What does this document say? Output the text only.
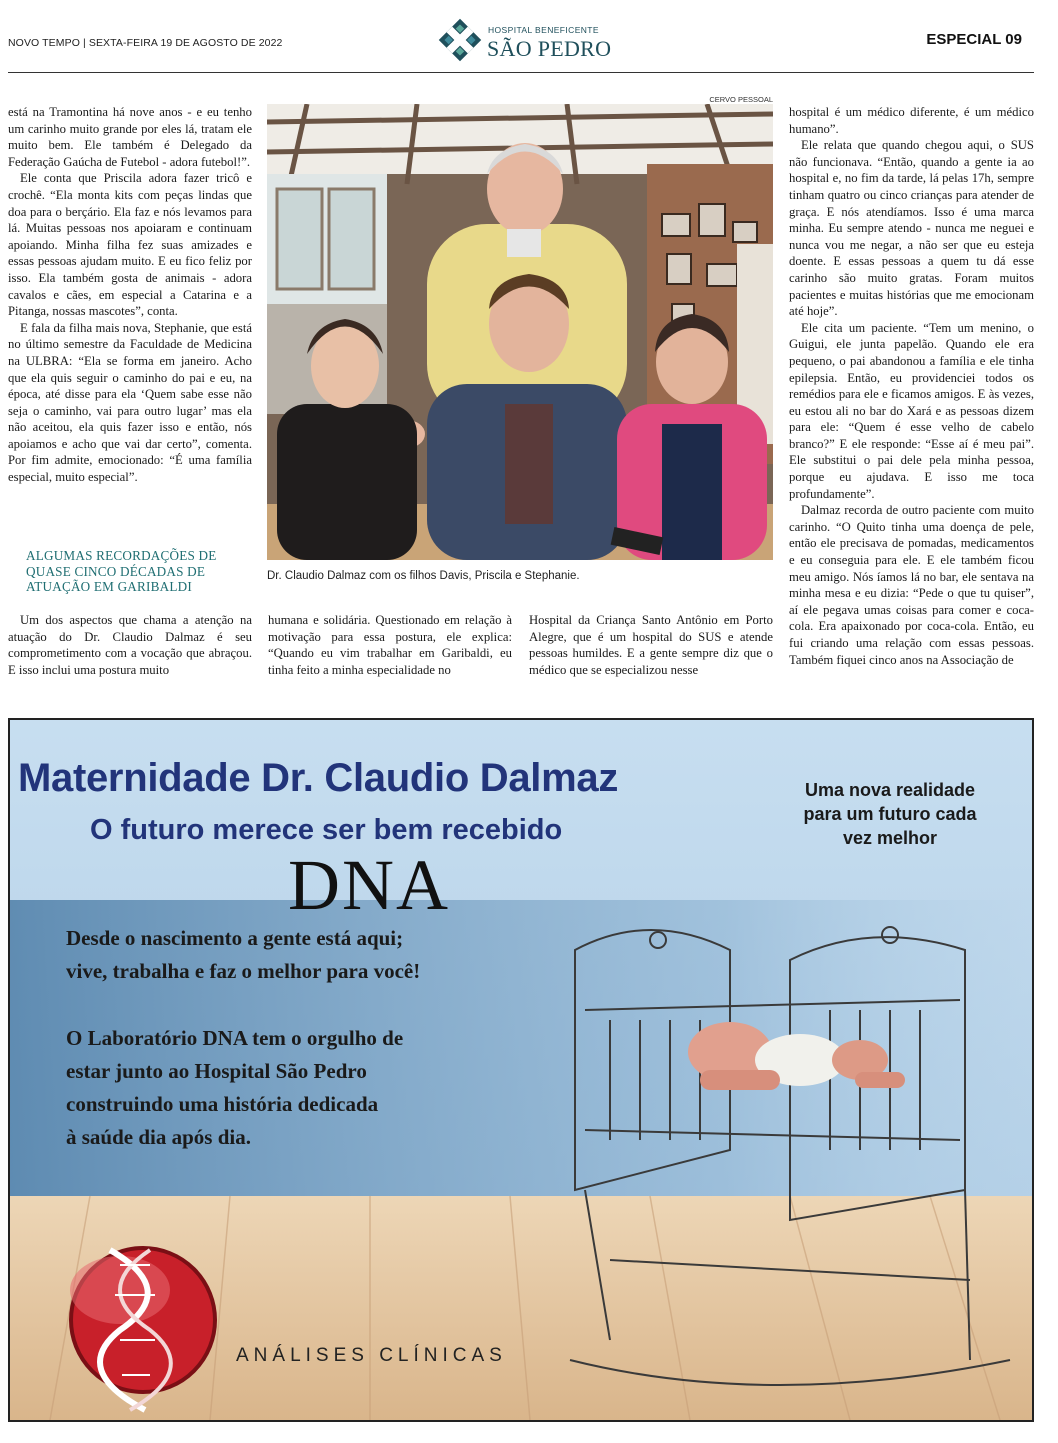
NOVO TEMPO | SEXTA-FEIRA 19 DE AGOSTO DE 2022
HOSPITAL BENEFICENTE
SÃO PEDRO	ESPECIAL 09

está na Tramontina há nove anos - e eu tenho um carinho muito grande por eles lá, tratam ele muito bem. Ele também é Delegado da Federação Gaúcha de Futebol - adora futebol!”.

Ele conta que Priscila adora fazer tricô e crochê. “Ela monta kits com peças lindas que doa para o berçário. Ela faz e nós levamos para lá. Muitas pessoas nos apoiaram e continuam apoiando. Minha filha fez suas amizades e essas pessoas ajudam muito. E eu fico feliz por isso. Ela também gosta de animais - adora cavalos e cães, em especial a Catarina e a Pitanga, nossas mascotes”, conta.

E fala da filha mais nova, Stephanie, que está no último semestre da Faculdade de Medicina na ULBRA: “Ela se forma em janeiro. Acho que ela quis seguir o caminho do pai e eu, na época, até disse para ela ‘Quem sabe esse não seja o caminho, vai para outro lugar’ mas ela não aceitou, ela quis fazer isso e então, nós apoiamos e acho que vai dar certo”, comenta. Por fim admite, emocionado: “É uma família especial, muito especial”.

ALGUMAS RECORDAÇÕES DE QUASE CINCO DÉCADAS DE ATUAÇÃO EM GARIBALDI

Um dos aspectos que chama a atenção na atuação do Dr. Claudio Dalmaz é seu comprometimento com a vocação que abraçou. E isso inclui uma postura muito

humana e solidária. Questionado em relação à motivação para essa postura, ele explica: “Quando eu vim trabalhar em Garibaldi, eu tinha feito a minha especialidade no

Hospital da Criança Santo Antônio em Porto Alegre, que é um hospital do SUS e atende pessoas humildes. E a gente sempre diz que o médico que se especializou nesse

hospital é um médico diferente, é um médico humano”.

Ele relata que quando chegou aqui, o SUS não funcionava. “Então, quando a gente ia ao hospital e, no fim da tarde, lá pelas 17h, sempre tinham quatro ou cinco crianças para atender de graça. E nós atendíamos. Isso é uma marca minha. Eu sempre atendo - nunca me neguei e nunca vou me negar, a não ser que eu esteja doente. E essas pessoas a quem tu dá esse carinho são muito gratas. Foram muitos pacientes e muitas histórias que me emocionam até hoje”.

Ele cita um paciente. “Tem um menino, o Guigui, ele junta papelão. Quando ele era pequeno, o pai abandonou a família e ele tinha epilepsia. Então, eu providenciei todos os remédios para ele e ficamos amigos. E às vezes, eu estou ali no bar do Xará e as pessoas dizem para ele: “Quem é esse velho de cabelo branco?” E ele responde: “Esse aí é meu pai”. Ele substitui o pai dele pela minha pessoa, porque eu ajudava. E isso me toca profundamente”.

Dalmaz recorda de outro paciente com muito carinho. “O Quito tinha uma doença de pele, então ele precisava de pomadas, medicamentos e eu conseguia para ele. E ele também ficou meu amigo. Nós íamos lá no bar, ele sentava na minha mesa e eu dizia: “Pede o que tu quiser”, aí ele pegava umas coisas para comer e coca-cola. Era apaixonado por coca-cola. Então, eu fui criando uma relação com essas pessoas. Também fiquei cinco anos na Associação de

CERVO PESSOAL
Dr. Claudio Dalmaz com os filhos Davis, Priscila e Stephanie.
Maternidade Dr. Claudio Dalmaz
O futuro merece ser bem recebido
Uma nova realidade
para um futuro cada
vez melhor
Desde o nascimento a gente está aqui;
vive, trabalha e faz o melhor para você!
O Laboratório DNA tem o orgulho de
estar junto ao Hospital São Pedro
construindo uma história dedicada
à saúde dia após dia.
DNA
ANÁLISES CLÍNICAS
